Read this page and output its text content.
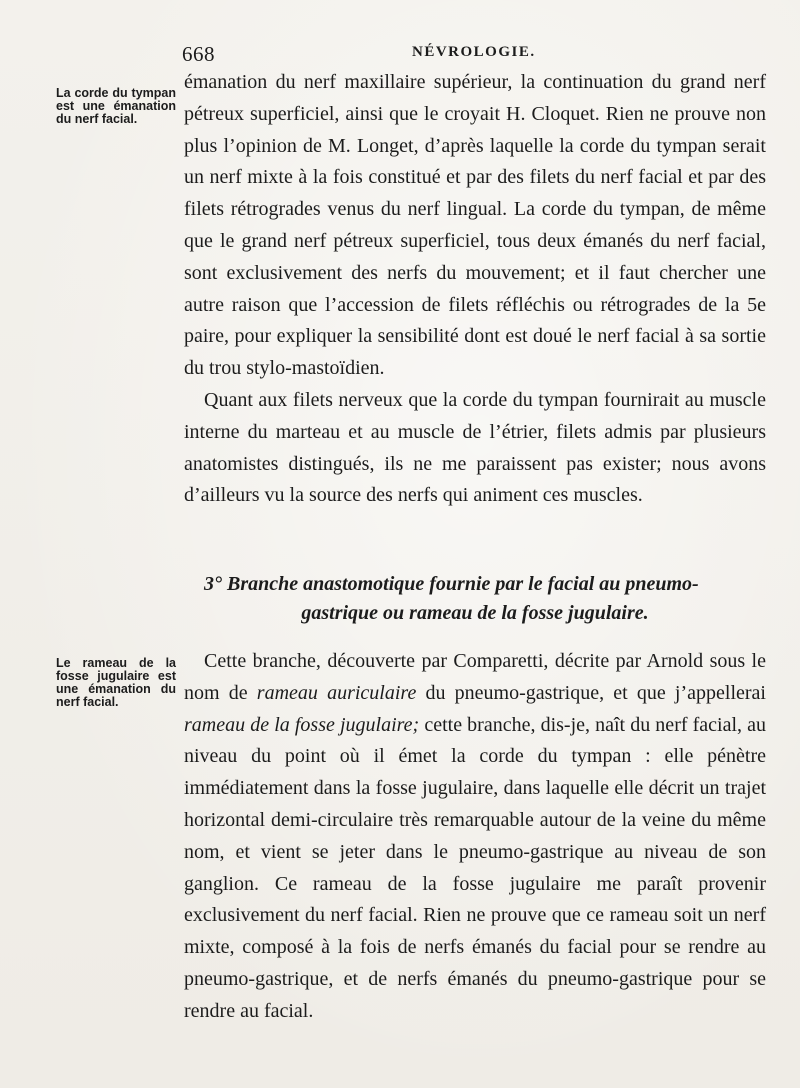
668	NÉVROLOGIE.
La corde du tympan est une émanation du nerf facial.

émanation du nerf maxillaire supérieur, la continuation du grand nerf pétreux superficiel, ainsi que le croyait H. Cloquet. Rien ne prouve non plus l’opinion de M. Longet, d’après laquelle la corde du tympan serait un nerf mixte à la fois constitué et par des filets du nerf facial et par des filets rétrogrades venus du nerf lingual. La corde du tympan, de même que le grand nerf pétreux superficiel, tous deux émanés du nerf facial, sont exclusivement des nerfs du mouvement; et il faut chercher une autre raison que l’accession de filets réfléchis ou rétrogrades de la 5e paire, pour expliquer la sensibilité dont est doué le nerf facial à sa sortie du trou stylo-mastoïdien.

Quant aux filets nerveux que la corde du tympan fournirait au muscle interne du marteau et au muscle de l’étrier, filets admis par plusieurs anatomistes distingués, ils ne me paraissent pas exister; nous avons d’ailleurs vu la source des nerfs qui animent ces muscles.

3° Branche anastomotique fournie par le facial au pneumo-
gastrique ou rameau de la fosse jugulaire.
Le rameau de la fosse jugulaire est une émanation du nerf facial.

Cette branche, découverte par Comparetti, décrite par Arnold sous le nom de rameau auriculaire du pneumo-gastrique, et que j’appellerai rameau de la fosse jugulaire; cette branche, dis-je, naît du nerf facial, au niveau du point où il émet la corde du tympan : elle pénètre immédiatement dans la fosse jugulaire, dans laquelle elle décrit un trajet horizontal demi-circulaire très remarquable autour de la veine du même nom, et vient se jeter dans le pneumo-gastrique au niveau de son ganglion. Ce rameau de la fosse jugulaire me paraît provenir exclusivement du nerf facial. Rien ne prouve que ce rameau soit un nerf mixte, composé à la fois de nerfs émanés du facial pour se rendre au pneumo-gastrique, et de nerfs émanés du pneumo-gastrique pour se rendre au facial.
